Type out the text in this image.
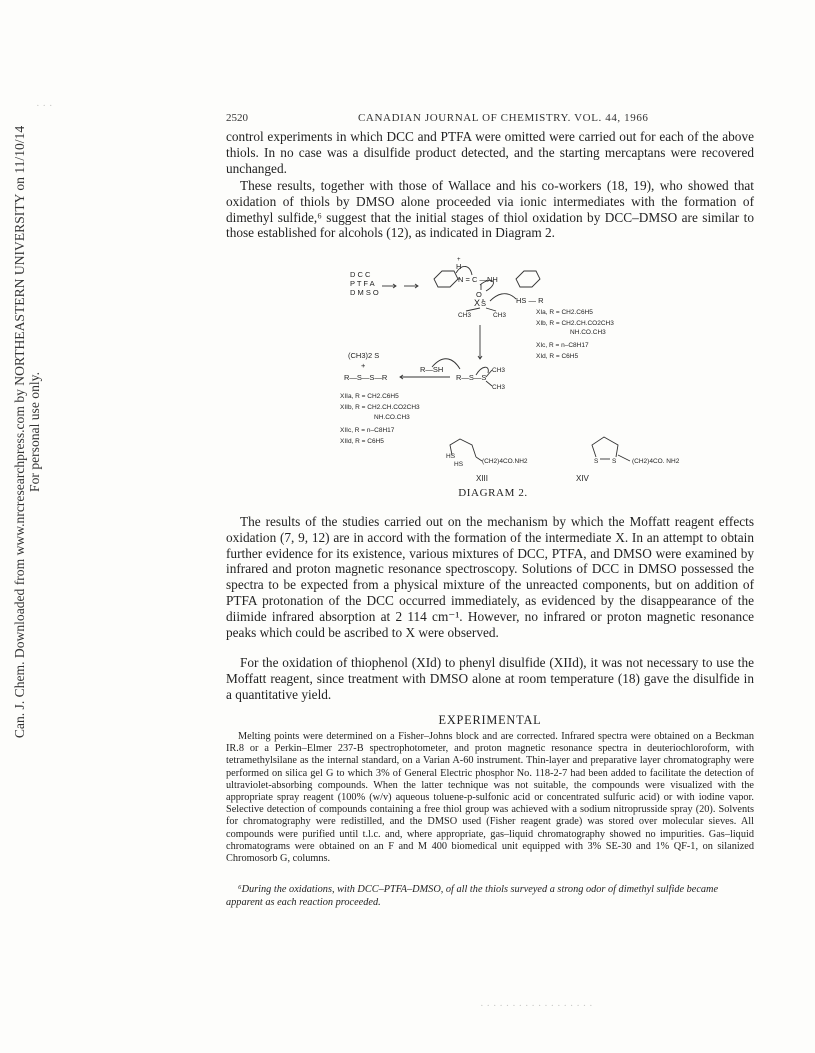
Can. J. Chem. Downloaded from www.nrcresearchpress.com by NORTHEASTERN UNIVERSITY on 11/10/14 For personal use only.
· · ·
· · · · · · · · · · · · · · · · · ·
2520	CANADIAN JOURNAL OF CHEMISTRY. VOL. 44, 1966

control experiments in which DCC and PTFA were omitted were carried out for each of the above thiols. In no case was a disulfide product detected, and the starting mercaptans were recovered unchanged.

These results, together with those of Wallace and his co-workers (18, 19), who showed that oxidation of thiols by DMSO alone proceeded via ionic intermediates with the formation of dimethyl sulfide,⁶ suggest that the initial stages of thiol oxidation by DCC–DMSO are similar to those established for alcohols (12), as indicated in Diagram 2.

D C C
P T F A
D M S O
X
H
+
N = C —NH
O
S
CH3	CH3
HS — R
XIa, R = CH2.C6H5
XIb, R = CH2.CH.CO2CH3
NH.CO.CH3
XIc, R = n–C8H17
XId, R = C6H5
(CH3)2 S
+
R—S—S—R
R—SH
R—S—S
CH3
CH3
XIIa, R = CH2.C6H5
XIIb, R = CH2.CH.CO2CH3
NH.CO.CH3
XIIc, R = n–C8H17
XIId, R = C6H5
HS
HS	(CH2)4CO.NH2
XIII
S S (CH2)4CO. NH2
XIV
DIAGRAM 2.

The results of the studies carried out on the mechanism by which the Moffatt reagent effects oxidation (7, 9, 12) are in accord with the formation of the intermediate X. In an attempt to obtain further evidence for its existence, various mixtures of DCC, PTFA, and DMSO were examined by infrared and proton magnetic resonance spectroscopy. Solutions of DCC in DMSO possessed the spectra to be expected from a physical mixture of the unreacted components, but on addition of PTFA protonation of the DCC occurred immediately, as evidenced by the disappearance of the diimide infrared absorption at 2 114 cm⁻¹. However, no infrared or proton magnetic resonance peaks which could be ascribed to X were observed.

For the oxidation of thiophenol (XId) to phenyl disulfide (XIId), it was not necessary to use the Moffatt reagent, since treatment with DMSO alone at room temperature (18) gave the disulfide in a quantitative yield.

EXPERIMENTAL

Melting points were determined on a Fisher–Johns block and are corrected. Infrared spectra were obtained on a Beckman IR.8 or a Perkin–Elmer 237-B spectrophotometer, and proton magnetic resonance spectra in deuteriochloroform, with tetramethylsilane as the internal standard, on a Varian A-60 instrument. Thin-layer and preparative layer chromatography were performed on silica gel G to which 3% of General Electric phosphor No. 118-2-7 had been added to facilitate the detection of ultraviolet-absorbing compounds. When the latter technique was not suitable, the compounds were visualized with the appropriate spray reagent (100% (w/v) aqueous toluene-p-sulfonic acid or concentrated sulfuric acid) or with iodine vapor. Selective detection of compounds containing a free thiol group was achieved with a sodium nitroprusside spray (20). Solvents for chromatography were redistilled, and the DMSO used (Fisher reagent grade) was stored over molecular sieves. All compounds were purified until t.l.c. and, where appropriate, gas–liquid chromatography showed no impurities. Gas–liquid chromatograms were obtained on an F and M 400 biomedical unit equipped with 3% SE-30 and 1% QF-1, on silanized Chromosorb G, columns.

⁶During the oxidations, with DCC–PTFA–DMSO, of all the thiols surveyed a strong odor of dimethyl sulfide became apparent as each reaction proceeded.
